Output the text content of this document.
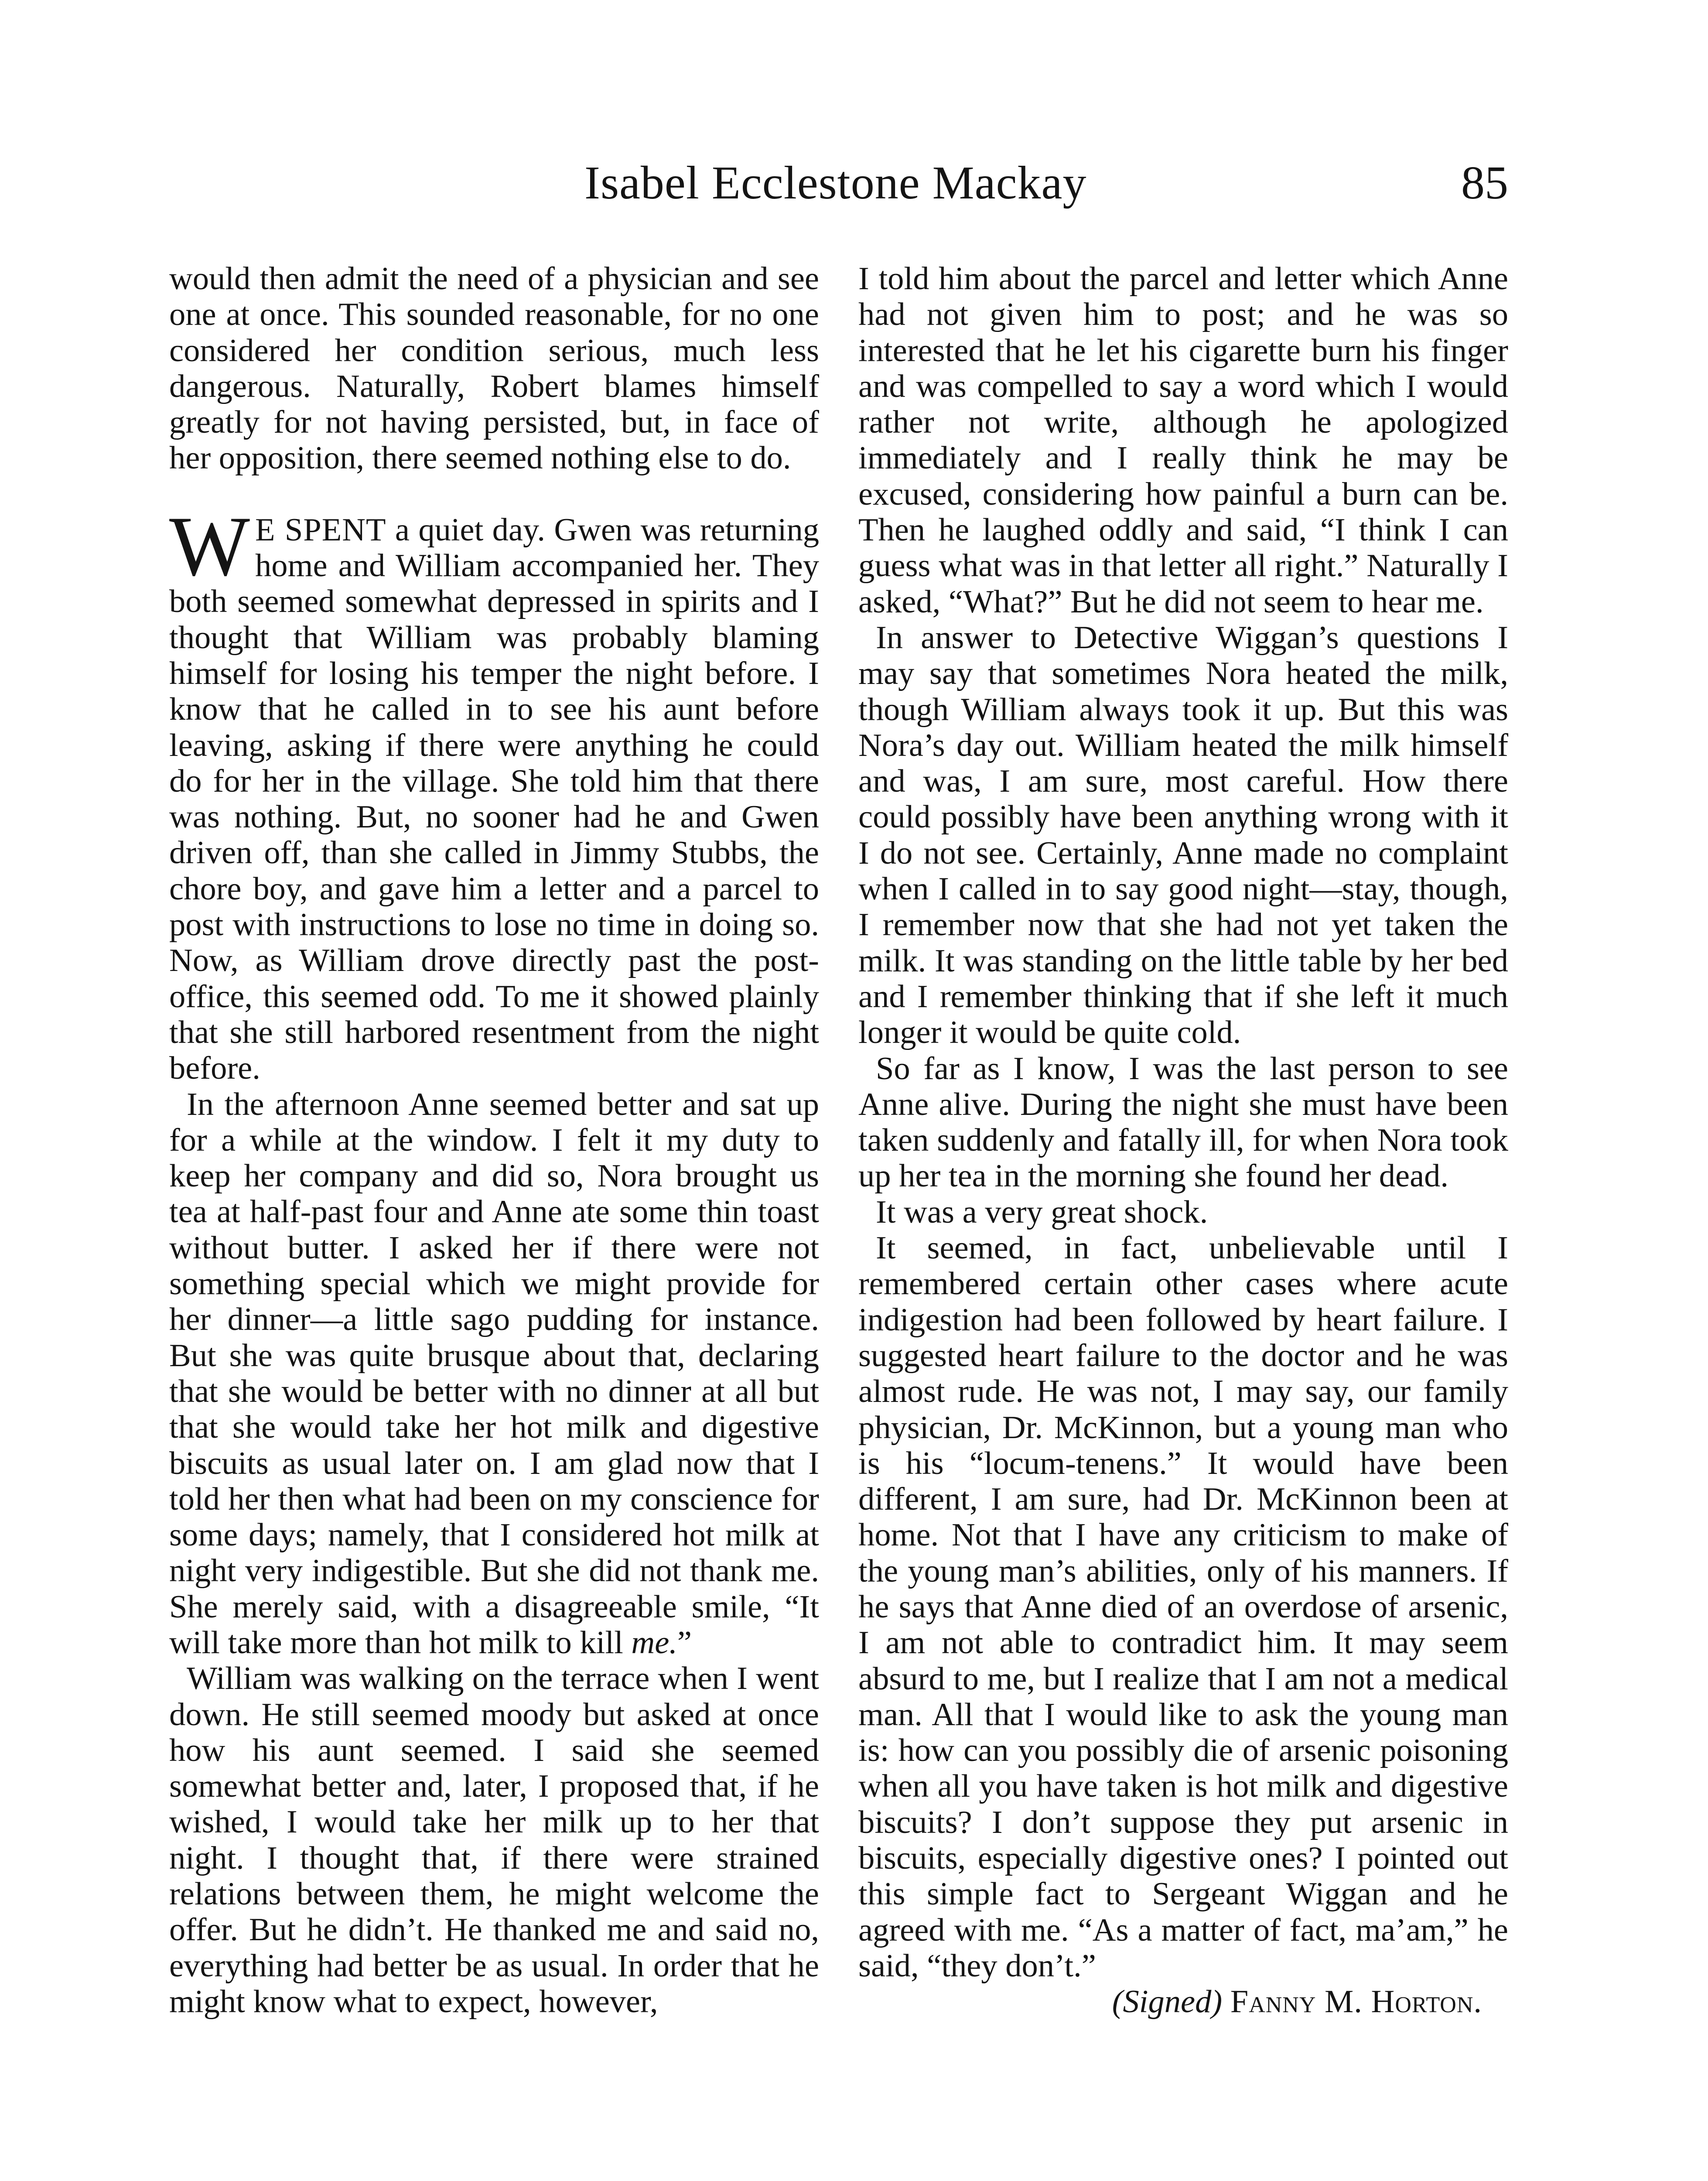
Isabel Ecclestone Mackay	85

would then admit the need of a physician and see one at once. This sounded reasonable, for no one considered her condition serious, much less dangerous. Naturally, Robert blames himself greatly for not having persisted, but, in face of her opposition, there seemed nothing else to do.

W E SPENT a quiet day. Gwen was returning home and William accompanied her. They both seemed somewhat depressed in spirits and I thought that William was probably blaming himself for losing his temper the night before. I know that he called in to see his aunt before leaving, asking if there were anything he could do for her in the village. She told him that there was nothing. But, no sooner had he and Gwen driven off, than she called in Jimmy Stubbs, the chore boy, and gave him a letter and a parcel to post with instructions to lose no time in doing so. Now, as William drove directly past the post-office, this seemed odd. To me it showed plainly that she still harbored resentment from the night before.

In the afternoon Anne seemed better and sat up for a while at the window. I felt it my duty to keep her company and did so, Nora brought us tea at half-past four and Anne ate some thin toast without butter. I asked her if there were not something special which we might provide for her dinner—a little sago pudding for instance. But she was quite brusque about that, declaring that she would be better with no dinner at all but that she would take her hot milk and digestive biscuits as usual later on. I am glad now that I told her then what had been on my conscience for some days; namely, that I considered hot milk at night very indigestible. But she did not thank me. She merely said, with a disagreeable smile, “It will take more than hot milk to kill me.”

William was walking on the terrace when I went down. He still seemed moody but asked at once how his aunt seemed. I said she seemed somewhat better and, later, I proposed that, if he wished, I would take her milk up to her that night. I thought that, if there were strained relations between them, he might welcome the offer. But he didn’t. He thanked me and said no, everything had better be as usual. In order that he might know what to expect, however,

I told him about the parcel and letter which Anne had not given him to post; and he was so interested that he let his cigarette burn his finger and was compelled to say a word which I would rather not write, although he apologized immediately and I really think he may be excused, considering how painful a burn can be. Then he laughed oddly and said, “I think I can guess what was in that letter all right.” Naturally I asked, “What?” But he did not seem to hear me.

In answer to Detective Wiggan’s questions I may say that sometimes Nora heated the milk, though William always took it up. But this was Nora’s day out. William heated the milk himself and was, I am sure, most careful. How there could possibly have been anything wrong with it I do not see. Certainly, Anne made no complaint when I called in to say good night—stay, though, I remember now that she had not yet taken the milk. It was standing on the little table by her bed and I remember thinking that if she left it much longer it would be quite cold.

So far as I know, I was the last person to see Anne alive. During the night she must have been taken suddenly and fatally ill, for when Nora took up her tea in the morning she found her dead.

It was a very great shock.

It seemed, in fact, unbelievable until I remembered certain other cases where acute indigestion had been followed by heart failure. I suggested heart failure to the doctor and he was almost rude. He was not, I may say, our family physician, Dr. McKinnon, but a young man who is his “locum-tenens.” It would have been different, I am sure, had Dr. McKinnon been at home. Not that I have any criticism to make of the young man’s abilities, only of his manners. If he says that Anne died of an overdose of arsenic, I am not able to contradict him. It may seem absurd to me, but I realize that I am not a medical man. All that I would like to ask the young man is: how can you possibly die of arsenic poisoning when all you have taken is hot milk and digestive biscuits? I don’t suppose they put arsenic in biscuits, especially digestive ones? I pointed out this simple fact to Sergeant Wiggan and he agreed with me. “As a matter of fact, ma’am,” he said, “they don’t.”

(Signed) Fanny M. Horton.
